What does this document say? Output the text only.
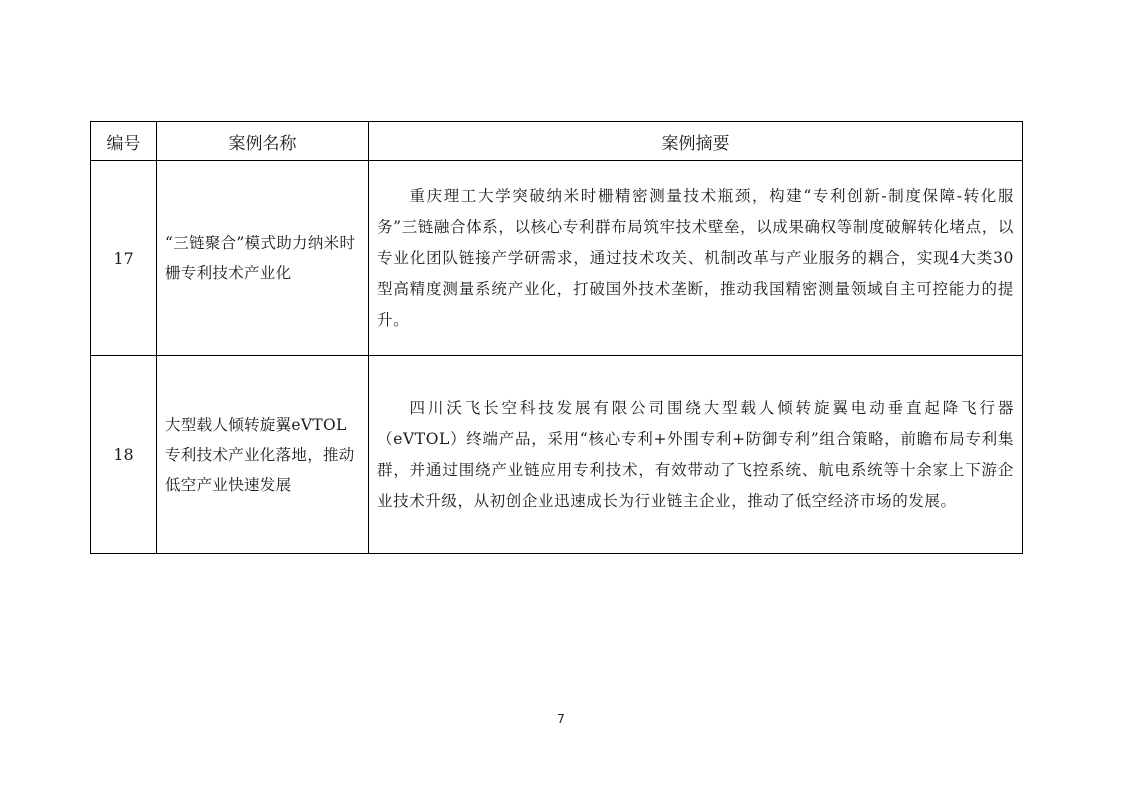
编号	案例名称	案例摘要
17	“三链聚合”模式助力纳米时栅专利技术产业化	重庆理工大学突破纳米时栅精密测量技术瓶颈，构建“专利创新-制度保障-转化服务”三链融合体系，以核心专利群布局筑牢技术壁垒，以成果确权等制度破解转化堵点，以专业化团队链接产学研需求，通过技术攻关、机制改革与产业服务的耦合，实现4大类30型高精度测量系统产业化，打破国外技术垄断，推动我国精密测量领域自主可控能力的提升。

18	大型载人倾转旋翼eVTOL专利技术产业化落地，推动低空产业快速发展	四川沃飞长空科技发展有限公司围绕大型载人倾转旋翼电动垂直起降飞行器（eVTOL）终端产品，采用“核心专利+外围专利+防御专利”组合策略，前瞻布局专利集群，并通过围绕产业链应用专利技术，有效带动了飞控系统、航电系统等十余家上下游企业技术升级，从初创企业迅速成长为行业链主企业，推动了低空经济市场的发展。

7
